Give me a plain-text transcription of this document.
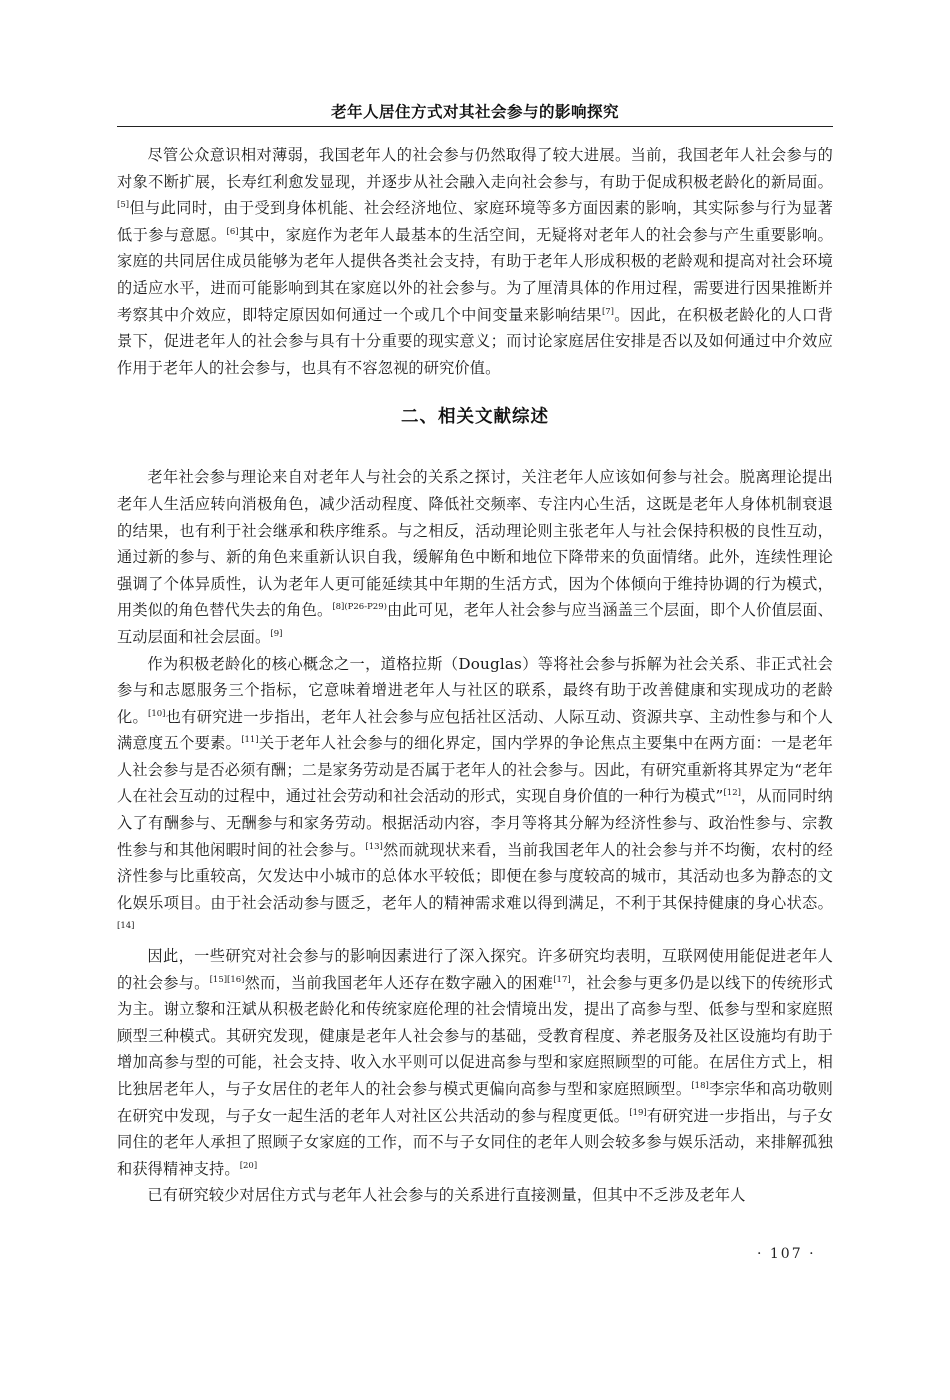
老年人居住方式对其社会参与的影响探究

尽管公众意识相对薄弱，我国老年人的社会参与仍然取得了较大进展。当前，我国老年人社会参与的对象不断扩展，长寿红利愈发显现，并逐步从社会融入走向社会参与，有助于促成积极老龄化的新局面。[5]但与此同时，由于受到身体机能、社会经济地位、家庭环境等多方面因素的影响，其实际参与行为显著低于参与意愿。[6]其中，家庭作为老年人最基本的生活空间，无疑将对老年人的社会参与产生重要影响。家庭的共同居住成员能够为老年人提供各类社会支持，有助于老年人形成积极的老龄观和提高对社会环境的适应水平，进而可能影响到其在家庭以外的社会参与。为了厘清具体的作用过程，需要进行因果推断并考察其中介效应，即特定原因如何通过一个或几个中间变量来影响结果[7]。因此，在积极老龄化的人口背景下，促进老年人的社会参与具有十分重要的现实意义；而讨论家庭居住安排是否以及如何通过中介效应作用于老年人的社会参与，也具有不容忽视的研究价值。

二、相关文献综述

老年社会参与理论来自对老年人与社会的关系之探讨，关注老年人应该如何参与社会。脱离理论提出老年人生活应转向消极角色，减少活动程度、降低社交频率、专注内心生活，这既是老年人身体机制衰退的结果，也有利于社会继承和秩序维系。与之相反，活动理论则主张老年人与社会保持积极的良性互动，通过新的参与、新的角色来重新认识自我，缓解角色中断和地位下降带来的负面情绪。此外，连续性理论强调了个体异质性，认为老年人更可能延续其中年期的生活方式，因为个体倾向于维持协调的行为模式，用类似的角色替代失去的角色。$^{[8](P26-P29)}$由此可见，老年人社会参与应当涵盖三个层面，即个人价值层面、互动层面和社会层面。[9]

作为积极老龄化的核心概念之一，道格拉斯（Douglas）等将社会参与拆解为社会关系、非正式社会参与和志愿服务三个指标，它意味着增进老年人与社区的联系，最终有助于改善健康和实现成功的老龄化。[10]也有研究进一步指出，老年人社会参与应包括社区活动、人际互动、资源共享、主动性参与和个人满意度五个要素。[11]关于老年人社会参与的细化界定，国内学界的争论焦点主要集中在两方面：一是老年人社会参与是否必须有酬；二是家务劳动是否属于老年人的社会参与。因此，有研究重新将其界定为“老年人在社会互动的过程中，通过社会劳动和社会活动的形式，实现自身价值的一种行为模式”[12]，从而同时纳入了有酬参与、无酬参与和家务劳动。根据活动内容，李月等将其分解为经济性参与、政治性参与、宗教性参与和其他闲暇时间的社会参与。[13]然而就现状来看，当前我国老年人的社会参与并不均衡，农村的经济性参与比重较高，欠发达中小城市的总体水平较低；即便在参与度较高的城市，其活动也多为静态的文化娱乐项目。由于社会活动参与匮乏，老年人的精神需求难以得到满足，不利于其保持健康的身心状态。[14]

因此，一些研究对社会参与的影响因素进行了深入探究。许多研究均表明，互联网使用能促进老年人的社会参与。[15][16]然而，当前我国老年人还存在数字融入的困难[17]，社会参与更多仍是以线下的传统形式为主。谢立黎和汪斌从积极老龄化和传统家庭伦理的社会情境出发，提出了高参与型、低参与型和家庭照顾型三种模式。其研究发现，健康是老年人社会参与的基础，受教育程度、养老服务及社区设施均有助于增加高参与型的可能，社会支持、收入水平则可以促进高参与型和家庭照顾型的可能。在居住方式上，相比独居老年人，与子女居住的老年人的社会参与模式更偏向高参与型和家庭照顾型。[18]李宗华和高功敬则在研究中发现，与子女一起生活的老年人对社区公共活动的参与程度更低。[19]有研究进一步指出，与子女同住的老年人承担了照顾子女家庭的工作，而不与子女同住的老年人则会较多参与娱乐活动，来排解孤独和获得精神支持。[20]

已有研究较少对居住方式与老年人社会参与的关系进行直接测量，但其中不乏涉及老年人

· 107 ·
